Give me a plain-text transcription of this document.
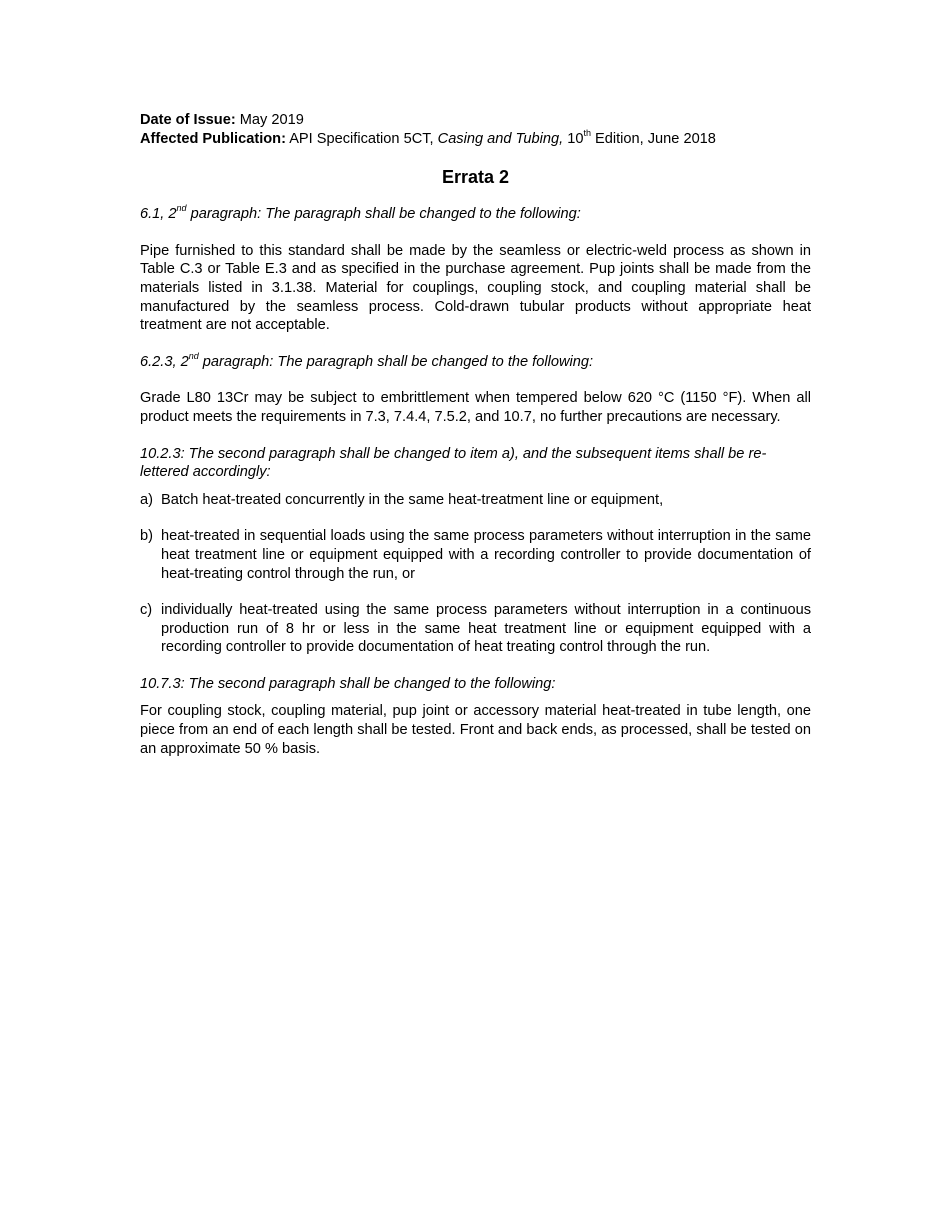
Date of Issue: May 2019

Affected Publication: API Specification 5CT, Casing and Tubing, 10th Edition, June 2018

Errata 2

6.1, 2nd paragraph: The paragraph shall be changed to the following:

Pipe furnished to this standard shall be made by the seamless or electric-weld process as shown in Table C.3 or Table E.3 and as specified in the purchase agreement. Pup joints shall be made from the materials listed in 3.1.38. Material for couplings, coupling stock, and coupling material shall be manufactured by the seamless process. Cold-drawn tubular products without appropriate heat treatment are not acceptable.

6.2.3, 2nd paragraph: The paragraph shall be changed to the following:

Grade L80 13Cr may be subject to embrittlement when tempered below 620 °C (1150 °F). When all product meets the requirements in 7.3, 7.4.4, 7.5.2, and 10.7, no further precautions are necessary.

10.2.3: The second paragraph shall be changed to item a), and the subsequent items shall be re-lettered accordingly:

a) Batch heat-treated concurrently in the same heat-treatment line or equipment,
b) heat-treated in sequential loads using the same process parameters without interruption in the same heat treatment line or equipment equipped with a recording controller to provide documentation of heat-treating control through the run, or
c) individually heat-treated using the same process parameters without interruption in a continuous production run of 8 hr or less in the same heat treatment line or equipment equipped with a recording controller to provide documentation of heat treating control through the run.

10.7.3: The second paragraph shall be changed to the following:

For coupling stock, coupling material, pup joint or accessory material heat-treated in tube length, one piece from an end of each length shall be tested. Front and back ends, as processed, shall be tested on an approximate 50 % basis.
